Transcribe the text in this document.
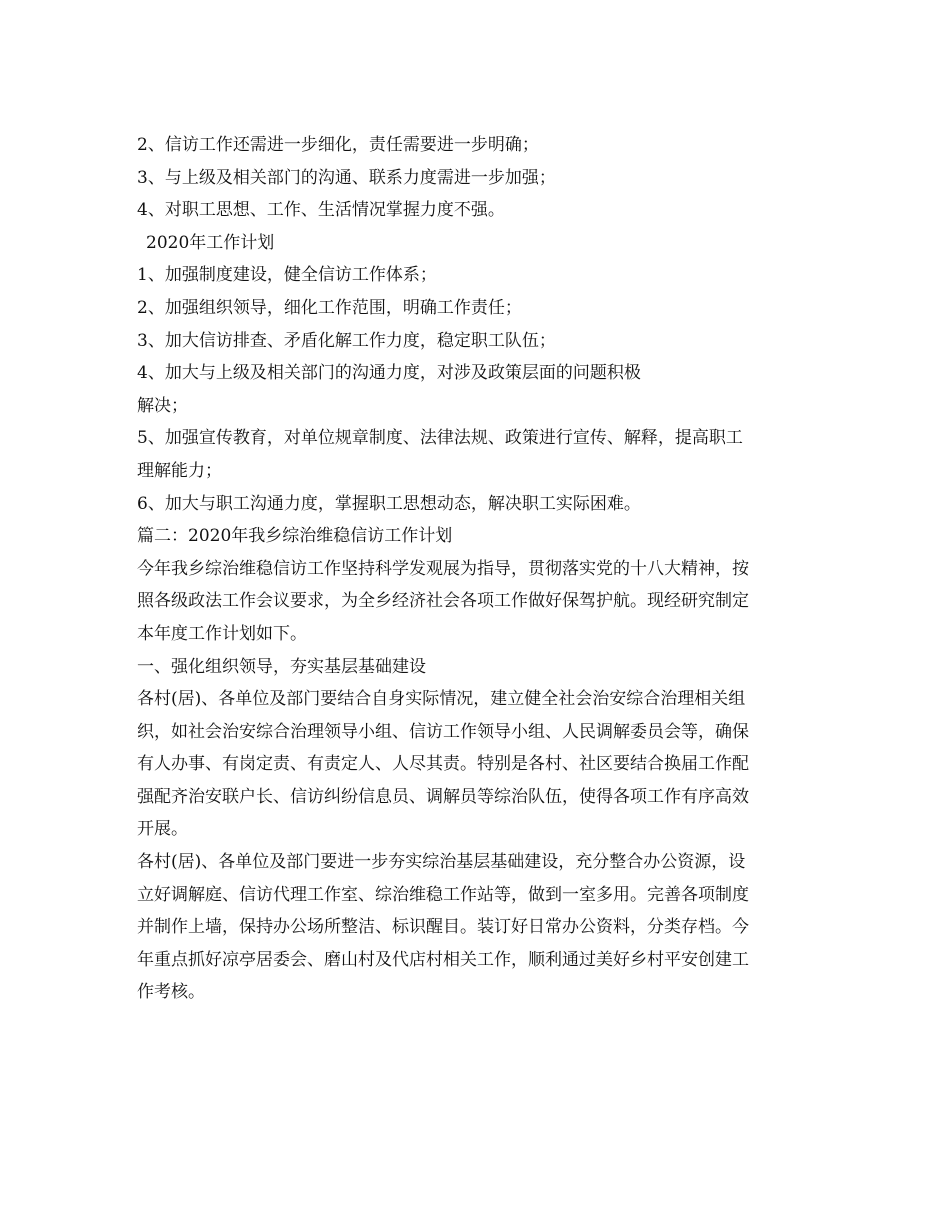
2、信访工作还需进一步细化，责任需要进一步明确；

3、与上级及相关部门的沟通、联系力度需进一步加强；

4、对职工思想、工作、生活情况掌握力度不强。

2020年工作计划

1、加强制度建设，健全信访工作体系；

2、加强组织领导，细化工作范围，明确工作责任；

3、加大信访排查、矛盾化解工作力度，稳定职工队伍；

4、加大与上级及相关部门的沟通力度，对涉及政策层面的问题积极

解决；

5、加强宣传教育，对单位规章制度、法律法规、政策进行宣传、解释，提高职工

理解能力；

6、加大与职工沟通力度，掌握职工思想动态，解决职工实际困难。

篇二：2020年我乡综治维稳信访工作计划

今年我乡综治维稳信访工作坚持科学发观展为指导，贯彻落实党的十八大精神，按

照各级政法工作会议要求，为全乡经济社会各项工作做好保驾护航。现经研究制定

本年度工作计划如下。

一、强化组织领导，夯实基层基础建设

各村(居)、各单位及部门要结合自身实际情况，建立健全社会治安综合治理相关组

织，如社会治安综合治理领导小组、信访工作领导小组、人民调解委员会等，确保

有人办事、有岗定责、有责定人、人尽其责。特别是各村、社区要结合换届工作配

强配齐治安联户长、信访纠纷信息员、调解员等综治队伍，使得各项工作有序高效

开展。

各村(居)、各单位及部门要进一步夯实综治基层基础建设，充分整合办公资源，设

立好调解庭、信访代理工作室、综治维稳工作站等，做到一室多用。完善各项制度

并制作上墙，保持办公场所整洁、标识醒目。装订好日常办公资料，分类存档。今

年重点抓好凉亭居委会、磨山村及代店村相关工作，顺利通过美好乡村平安创建工

作考核。
